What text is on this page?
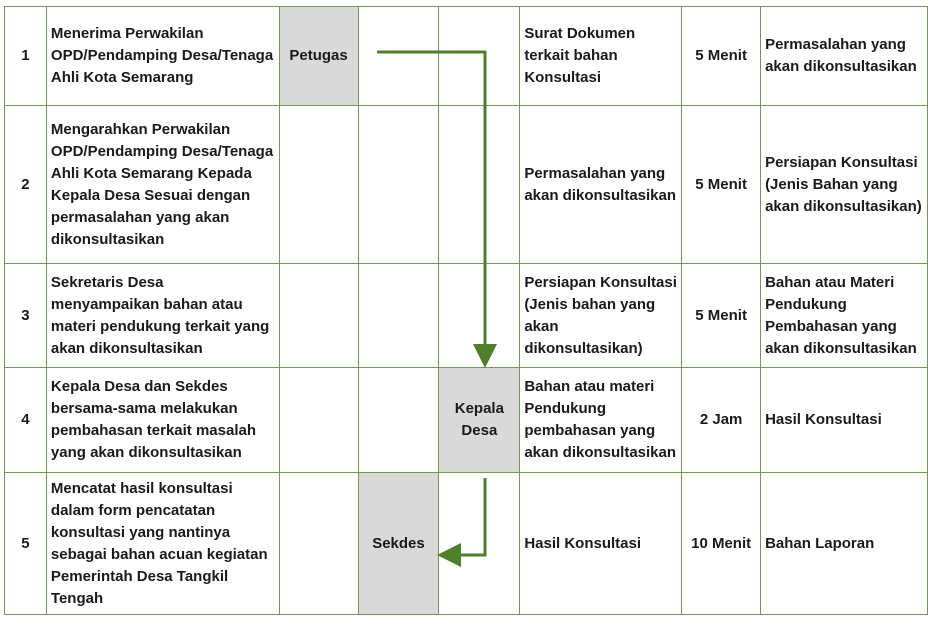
1	Menerima Perwakilan OPD/Pendamping Desa/Tenaga Ahli Kota Semarang	Petugas			Surat Dokumen terkait bahan Konsultasi	5 Menit	Permasalahan yang akan dikonsultasikan
2	Mengarahkan Perwakilan OPD/Pendamping Desa/Tenaga Ahli Kota Semarang Kepada Kepala Desa Sesuai dengan permasalahan yang akan dikonsultasikan				Permasalahan yang akan dikonsultasikan	5 Menit	Persiapan Konsultasi (Jenis Bahan yang akan dikonsultasikan)
3	Sekretaris Desa menyampaikan bahan atau materi pendukung terkait yang akan dikonsultasikan				Persiapan Konsultasi (Jenis bahan yang akan dikonsultasikan)	5 Menit	Bahan atau Materi Pendukung Pembahasan yang akan dikonsultasikan
4	Kepala Desa dan Sekdes bersama-sama melakukan pembahasan terkait masalah yang akan dikonsultasikan			Kepala Desa	Bahan atau materi Pendukung pembahasan yang akan dikonsultasikan	2 Jam	Hasil Konsultasi
5	Mencatat hasil konsultasi dalam form pencatatan konsultasi yang nantinya sebagai bahan acuan kegiatan Pemerintah Desa Tangkil Tengah		Sekdes		Hasil Konsultasi	10 Menit	Bahan Laporan
